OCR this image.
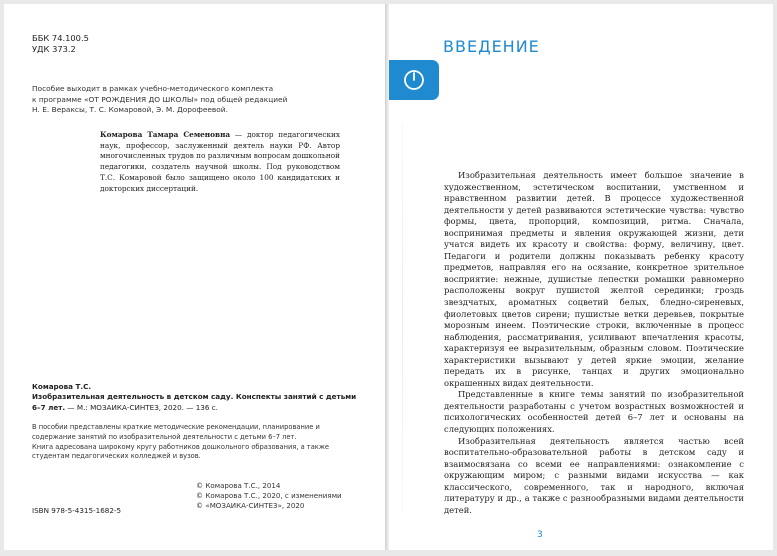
ББК 74.100.5
УДК 373.2
Пособие выходит в рамках учебно-методического комплекта
к программе «ОТ РОЖДЕНИЯ ДО ШКОЛЫ» под общей редакцией
Н. Е. Вераксы, Т. С. Комаровой, Э. М. Дорофеевой.
Комарова Тамара Семеновна — доктор педагогических наук, профессор, заслуженный деятель науки РФ. Автор многочисленных трудов по различным вопросам дошкольной педагогики, создатель научной школы. Под руководством Т.С. Комаровой было защищено около 100 кандидатских и докторских диссертаций.
Комарова Т.С.
Изобразительная деятельность в детском саду. Конспекты занятий с детьми 6–7 лет. — М.: МОЗАИКА-СИНТЕЗ, 2020. — 136 с.
В пособии представлены краткие методические рекомендации, планирование и содержание занятий по изобразительной деятельности с детьми 6–7 лет.
Книга адресована широкому кругу работников дошкольного образования, а также студентам педагогических колледжей и вузов.
ISBN 978-5-4315-1682-5
© Комарова Т.С., 2014
© Комарова Т.С., 2020, с изменениями
© «МОЗАИКА-СИНТЕЗ», 2020
ВВЕДЕНИЕ

Изобразительная деятельность имеет большое значение в художественном, эстетическом воспитании, умственном и нравственном развитии детей. В процессе художественной деятельности у детей развиваются эстетические чувства: чувство формы, цвета, пропорций, композиций, ритма. Сначала, воспринимая предметы и явления окружающей жизни, дети учатся видеть их красоту и свойства: форму, величину, цвет. Педагоги и родители должны показывать ребенку красоту предметов, направляя его на осязание, конкретное зрительное восприятие: нежные, душистые лепестки ромашки равномерно расположены вокруг пушистой желтой серединки; гроздь звездчатых, ароматных соцветий белых, бледно-сиреневых, фиолетовых цветов сирени; пушистые ветки деревьев, покрытые морозным инеем. Поэтические строки, включенные в процесс наблюдения, рассматривания, усиливают впечатления красоты, характеризуя ее выразительным, образным словом. Поэтические характеристики вызывают у детей яркие эмоции, желание передать их в рисунке, танцах и других эмоционально окрашенных видах деятельности.

Представленные в книге темы занятий по изобразительной деятельности разработаны с учетом возрастных возможностей и психологических особенностей детей 6–7 лет и основаны на следующих положениях.

Изобразительная деятельность является частью всей воспитательно-образовательной работы в детском саду и взаимосвязана со всеми ее направлениями: ознакомление с окружающим миром; с разными видами искусства — как классического, современного, так и народного, включая литературу и др., а также с разнообразными видами деятельности детей.

3
